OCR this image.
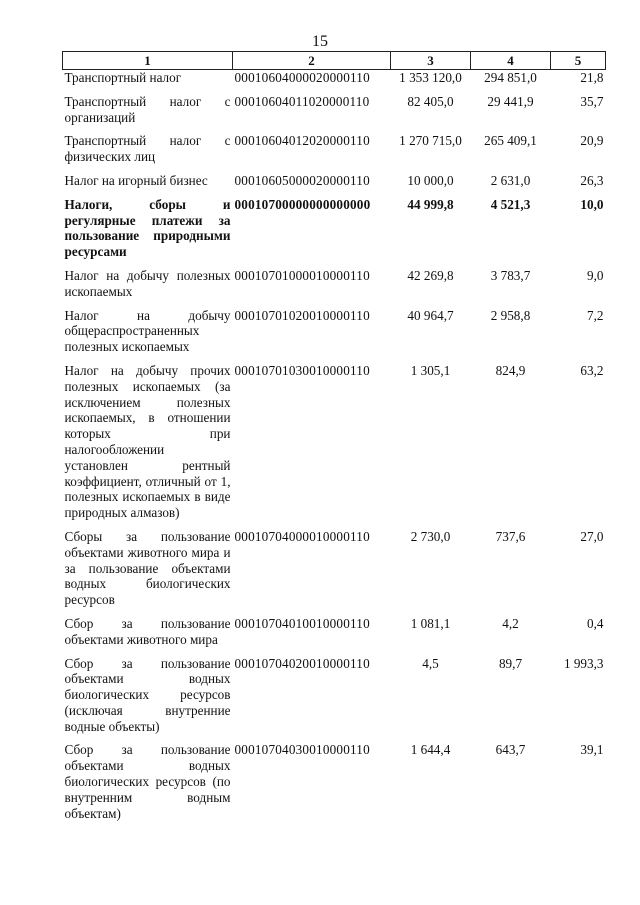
15
1	2	3	4	5
Транспортный налог	00010604000020000110	1 353 120,0	294 851,0	21,8
Транспортный налог с организаций	00010604011020000110	82 405,0	29 441,9	35,7
Транспортный налог с физических лиц	00010604012020000110	1 270 715,0	265 409,1	20,9
Налог на игорный бизнес	00010605000020000110	10 000,0	2 631,0	26,3
Налоги, сборы и регулярные платежи за пользование природными ресурсами	00010700000000000000	44 999,8	4 521,3	10,0
Налог на добычу полезных ископаемых	00010701000010000110	42 269,8	3 783,7	9,0
Налог на добычу общераспространенных полезных ископаемых	00010701020010000110	40 964,7	2 958,8	7,2
Налог на добычу прочих полезных ископаемых (за исключением полезных ископаемых, в отношении которых при налогообложении установлен рентный коэффициент, отличный от 1, полезных ископаемых в виде природных алмазов)	00010701030010000110	1 305,1	824,9	63,2
Сборы за пользование объектами животного мира и за пользование объектами водных биологических ресурсов	00010704000010000110	2 730,0	737,6	27,0
Сбор за пользование объектами животного мира	00010704010010000110	1 081,1	4,2	0,4
Сбор за пользование объектами водных биологических ресурсов (исключая внутренние водные объекты)	00010704020010000110	4,5	89,7	1 993,3
Сбор за пользование объектами водных биологических ресурсов (по внутренним водным объектам)	00010704030010000110	1 644,4	643,7	39,1
